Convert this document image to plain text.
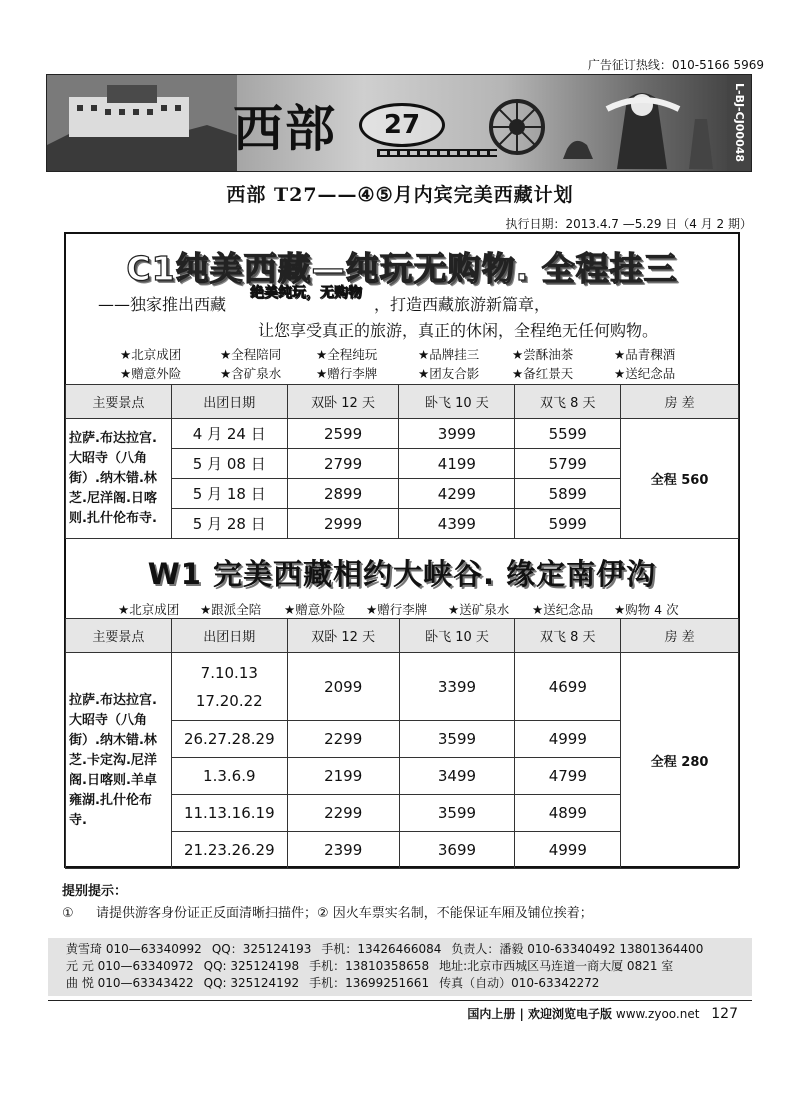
广告征订热线：010-5166 5969
西部	27	L-BJ-CJ00048
西部 T27——④⑤月内宾完美西藏计划
执行日期：2013.4.7 —5.29 日（4 月 2 期）
C1纯美西藏—纯玩无购物. 全程挂三
——独家推出西藏	，打造西藏旅游新篇章，
绝美纯玩，无购物
让您享受真正的旅游，真正的休闲，全程绝无任何购物。
★北京成团	★全程陪同	★全程纯玩	★品牌挂三	★尝酥油茶	★品青稞酒
★赠意外险	★含矿泉水	★赠行李牌	★团友合影	★备红景天	★送纪念品
主要景点	出团日期	双卧 12 天	卧飞 10 天	双飞 8 天	房 差
拉萨.布达拉宫.大昭寺（八角街）.纳木错.林芝.尼洋阁.日喀则.扎什伦布寺.	4 月 24 日	2599	3999	5599	全程 560
	5 月 08 日	2799	4199	5799	
	5 月 18 日	2899	4299	5899	
	5 月 28 日	2999	4399	5999	
W1 完美西藏相约大峡谷. 缘定南伊沟
★北京成团 ★跟派全陪 ★赠意外险 ★赠行李牌 ★送矿泉水 ★送纪念品 ★购物 4 次
主要景点	出团日期	双卧 12 天	卧飞 10 天	双飞 8 天	房 差
拉萨.布达拉宫.大昭寺（八角街）.纳木错.林芝.卡定沟.尼洋阁.日喀则.羊卓雍湖.扎什伦布寺.	7.10.13
17.20.22	2099	3399	4699	全程 280
	26.27.28.29	2299	3599	4999	
	1.3.6.9	2199	3499	4799	
	11.13.16.19	2299	3599	4899	
	21.23.26.29	2399	3699	4999	
提别提示：
① 请提供游客身份证正反面清晰扫描件；② 因火车票实名制，不能保证车厢及铺位挨着；
黄雪琦 010—63340992 QQ：325124193 手机：13426466084 负责人：潘毅 010-63340492 13801364400
元 元 010—63340972 QQ: 325124198 手机：13810358658 地址:北京市西城区马连道一商大厦 0821 室
曲 悦 010—63343422 QQ: 325124192 手机：13699251661 传真（自动）010-63342272
国内上册 | 欢迎浏览电子版 www.zyoo.net 127
